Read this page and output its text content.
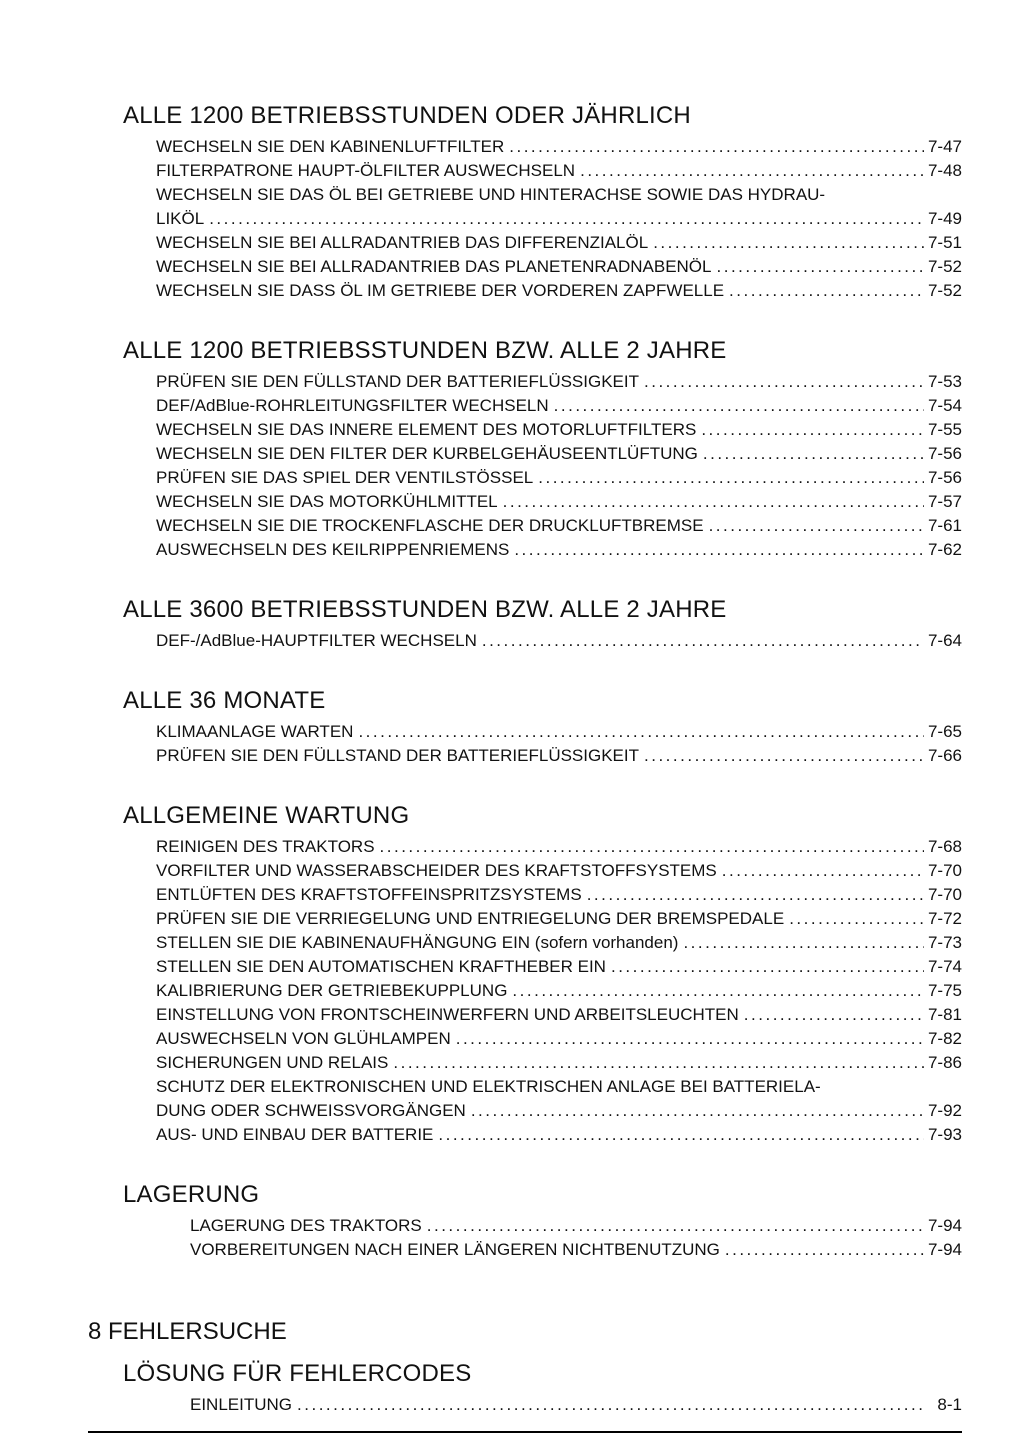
ALLE 1200 BETRIEBSSTUNDEN ODER JÄHRLICH
WECHSELN SIE DEN KABINENLUFTFILTER .....	7-47
FILTERPATRONE HAUPT-ÖLFILTER AUSWECHSELN .....	7-48
WECHSELN SIE DAS ÖL BEI GETRIEBE UND HINTERACHSE SOWIE DAS HYDRAU-
LIKÖL .....	7-49
WECHSELN SIE BEI ALLRADANTRIEB DAS DIFFERENZIALÖL .....	7-51
WECHSELN SIE BEI ALLRADANTRIEB DAS PLANETENRADNABENÖL .....	7-52
WECHSELN SIE DASS ÖL IM GETRIEBE DER VORDEREN ZAPFWELLE .....	7-52
ALLE 1200 BETRIEBSSTUNDEN BZW. ALLE 2 JAHRE
PRÜFEN SIE DEN FÜLLSTAND DER BATTERIEFLÜSSIGKEIT .....	7-53
DEF/AdBlue-ROHRLEITUNGSFILTER WECHSELN .....	7-54
WECHSELN SIE DAS INNERE ELEMENT DES MOTORLUFTFILTERS .....	7-55
WECHSELN SIE DEN FILTER DER KURBELGEHÄUSEENTLÜFTUNG .....	7-56
PRÜFEN SIE DAS SPIEL DER VENTILSTÖSSEL .....	7-56
WECHSELN SIE DAS MOTORKÜHLMITTEL .....	7-57
WECHSELN SIE DIE TROCKENFLASCHE DER DRUCKLUFTBREMSE .....	7-61
AUSWECHSELN DES KEILRIPPENRIEMENS .....	7-62
ALLE 3600 BETRIEBSSTUNDEN BZW. ALLE 2 JAHRE
DEF-/AdBlue-HAUPTFILTER WECHSELN .....	7-64
ALLE 36 MONATE
KLIMAANLAGE WARTEN .....	7-65
PRÜFEN SIE DEN FÜLLSTAND DER BATTERIEFLÜSSIGKEIT .....	7-66
ALLGEMEINE WARTUNG
REINIGEN DES TRAKTORS .....	7-68
VORFILTER UND WASSERABSCHEIDER DES KRAFTSTOFFSYSTEMS .....	7-70
ENTLÜFTEN DES KRAFTSTOFFEINSPRITZSYSTEMS .....	7-70
PRÜFEN SIE DIE VERRIEGELUNG UND ENTRIEGELUNG DER BREMSPEDALE .....	7-72
STELLEN SIE DIE KABINENAUFHÄNGUNG EIN (sofern vorhanden) .....	7-73
STELLEN SIE DEN AUTOMATISCHEN KRAFTHEBER EIN .....	7-74
KALIBRIERUNG DER GETRIEBEKUPPLUNG .....	7-75
EINSTELLUNG VON FRONTSCHEINWERFERN UND ARBEITSLEUCHTEN .....	7-81
AUSWECHSELN VON GLÜHLAMPEN .....	7-82
SICHERUNGEN UND RELAIS .....	7-86
SCHUTZ DER ELEKTRONISCHEN UND ELEKTRISCHEN ANLAGE BEI BATTERIELA-
DUNG ODER SCHWEISSVORGÄNGEN .....	7-92
AUS- UND EINBAU DER BATTERIE .....	7-93
LAGERUNG
LAGERUNG DES TRAKTORS .....	7-94
VORBEREITUNGEN NACH EINER LÄNGEREN NICHTBENUTZUNG .....	7-94
8 FEHLERSUCHE
LÖSUNG FÜR FEHLERCODES
EINLEITUNG .....	8-1
